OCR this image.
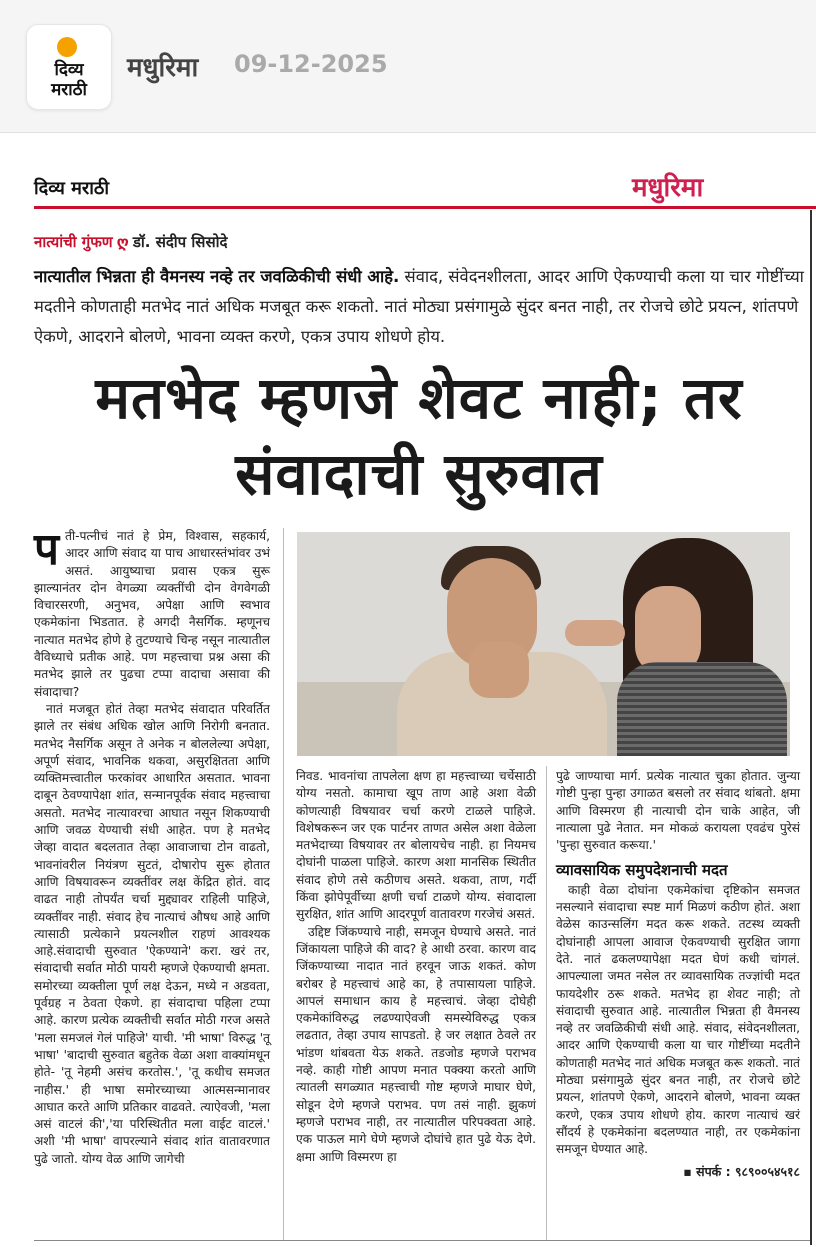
दिव्य
मराठी
मधुरिमा 09-12-2025
दिव्य मराठी	मधुरिमा
नात्यांची गुंफण ღ डॉ. संदीप सिसोदे
नात्यातील भिन्नता ही वैमनस्य नव्हे तर जवळिकीची संधी आहे. संवाद, संवेदनशीलता, आदर आणि ऐकण्याची कला या चार गोष्टींच्या मदतीने कोणताही मतभेद नातं अधिक मजबूत करू शकतो. नातं मोठ्या प्रसंगामुळे सुंदर बनत नाही, तर रोजचे छोटे प्रयत्न, शांतपणे ऐकणे, आदराने बोलणे, भावना व्यक्त करणे, एकत्र उपाय शोधणे होय.
मतभेद म्हणजे शेवट नाही; तर
संवादाची सुरुवात

पती-पत्नीचं नातं हे प्रेम, विश्वास, सहकार्य, आदर आणि संवाद या पाच आधारस्तंभांवर उभं असतं. आयुष्याचा प्रवास एकत्र सुरू झाल्यानंतर दोन वेगळ्या व्यक्तींची दोन वेगवेगळी विचारसरणी, अनुभव, अपेक्षा आणि स्वभाव एकमेकांना भिडतात. हे अगदी नैसर्गिक. म्हणूनच नात्यात मतभेद होणे हे तुटण्याचे चिन्ह नसून नात्यातील वैविध्याचे प्रतीक आहे. पण महत्त्वाचा प्रश्न असा की मतभेद झाले तर पुढचा टप्पा वादाचा असावा की संवादाचा?

नातं मजबूत होतं तेव्हा मतभेद संवादात परिवर्तित झाले तर संबंध अधिक खोल आणि निरोगी बनतात. मतभेद नैसर्गिक असून ते अनेक न बोललेल्या अपेक्षा, अपूर्ण संवाद, भावनिक थकवा, असुरक्षितता आणि व्यक्तिमत्त्वातील फरकांवर आधारित असतात. भावना दाबून ठेवण्यापेक्षा शांत, सन्मानपूर्वक संवाद महत्त्वाचा असतो. मतभेद नात्यावरचा आघात नसून शिकण्याची आणि जवळ येण्याची संधी आहेत. पण हे मतभेद जेव्हा वादात बदलतात तेव्हा आवाजाचा टोन वाढतो, भावनांवरील नियंत्रण सुटतं, दोषारोप सुरू होतात आणि विषयावरून व्यक्तींवर लक्ष केंद्रित होतं. वाद वाढत नाही तोपर्यंत चर्चा मुद्द्यावर राहिली पाहिजे, व्यक्तींवर नाही. संवाद हेच नात्याचं औषध आहे आणि त्यासाठी प्रत्येकाने प्रयत्नशील राहणं आवश्यक आहे.संवादाची सुरुवात 'ऐकण्याने' करा. खरं तर, संवादाची सर्वात मोठी पायरी म्हणजे ऐकण्याची क्षमता. समोरच्या व्यक्तीला पूर्ण लक्ष देऊन, मध्ये न अडवता, पूर्वग्रह न ठेवता ऐकणे. हा संवादाचा पहिला टप्पा आहे. कारण प्रत्येक व्यक्तीची सर्वात मोठी गरज असते 'मला समजलं गेलं पाहिजे' याची. 'मी भाषा' विरुद्ध 'तू भाषा' 'बादाची सुरुवात बहुतेक वेळा अशा वाक्यांमधून होते- 'तू नेहमी असंच करतोस.', 'तू कधीच समजत नाहीस.' ही भाषा समोरच्याच्या आत्मसन्मानावर आघात करते आणि प्रतिकार वाढवते. त्याऐवजी, 'मला असं वाटलं की','या परिस्थितीत मला वाईट वाटलं.' अशी 'मी भाषा' वापरल्याने संवाद शांत वातावरणात पुढे जातो. योग्य वेळ आणि जागेची

निवड. भावनांचा तापलेला क्षण हा महत्त्वाच्या चर्चेसाठी योग्य नसतो. कामाचा खूप ताण आहे अशा वेळी कोणत्याही विषयावर चर्चा करणे टाळले पाहिजे. विशेषकरून जर एक पार्टनर ताणत असेल अशा वेळेला मतभेदाच्या विषयावर तर बोलायचेच नाही. हा नियमच दोघांनी पाळला पाहिजे. कारण अशा मानसिक स्थितीत संवाद होणे तसे कठीणच असते. थकवा, ताण, गर्दी किंवा झोपेपूर्वीच्या क्षणी चर्चा टाळणे योग्य. संवादाला सुरक्षित, शांत आणि आदरपूर्ण वातावरण गरजेचं असतं.

उद्दिष्ट जिंकण्याचे नाही, समजून घेण्याचे असते. नातं जिंकायला पाहिजे की वाद? हे आधी ठरवा. कारण वाद जिंकण्याच्या नादात नातं हरवून जाऊ शकतं. कोण बरोबर हे महत्त्वाचं आहे का, हे तपासायला पाहिजे. आपलं समाधान काय हे महत्त्वाचं. जेव्हा दोघेही एकमेकांविरुद्ध लढण्याऐवजी समस्येविरुद्ध एकत्र लढतात, तेव्हा उपाय सापडतो. हे जर लक्षात ठेवले तर भांडण थांबवता येऊ शकते. तडजोड म्हणजे पराभव नव्हे. काही गोष्टी आपण मनात पक्क्या करतो आणि त्यातली सगळ्यात महत्त्वाची गोष्ट म्हणजे माघार घेणे, सोडून देणे म्हणजे पराभव. पण तसं नाही. झुकणं म्हणजे पराभव नाही, तर नात्यातील परिपक्वता आहे. एक पाऊल मागे घेणे म्हणजे दोघांचे हात पुढे येऊ देणे. क्षमा आणि विस्मरण हा

पुढे जाण्याचा मार्ग. प्रत्येक नात्यात चुका होतात. जुन्या गोष्टी पुन्हा पुन्हा उगाळत बसलो तर संवाद थांबतो. क्षमा आणि विस्मरण ही नात्याची दोन चाके आहेत, जी नात्याला पुढे नेतात. मन मोकळं करायला एवढंच पुरेसं 'पुन्हा सुरुवात करूया.'

व्यावसायिक समुपदेशनाची मदत

काही वेळा दोघांना एकमेकांचा दृष्टिकोन समजत नसल्याने संवादाचा स्पष्ट मार्ग मिळणं कठीण होतं. अशा वेळेस काउन्सलिंग मदत करू शकते. तटस्थ व्यक्ती दोघांनाही आपला आवाज ऐकवण्याची सुरक्षित जागा देते. नातं ढकलण्यापेक्षा मदत घेणं कधी चांगलं. आपल्याला जमत नसेल तर व्यावसायिक तज्ज्ञांची मदत फायदेशीर ठरू शकते. मतभेद हा शेवट नाही; तो संवादाची सुरुवात आहे. नात्यातील भिन्नता ही वैमनस्य नव्हे तर जवळिकीची संधी आहे. संवाद, संवेदनशीलता, आदर आणि ऐकण्याची कला या चार गोष्टींच्या मदतीने कोणताही मतभेद नातं अधिक मजबूत करू शकतो. नातं मोठ्या प्रसंगामुळे सुंदर बनत नाही, तर रोजचे छोटे प्रयत्न, शांतपणे ऐकणे, आदराने बोलणे, भावना व्यक्त करणे, एकत्र उपाय शोधणे होय. कारण नात्याचं खरं सौंदर्य हे एकमेकांना बदलण्यात नाही, तर एकमेकांना समजून घेण्यात आहे.

▪ संपर्क : ९८९००५४५१८
